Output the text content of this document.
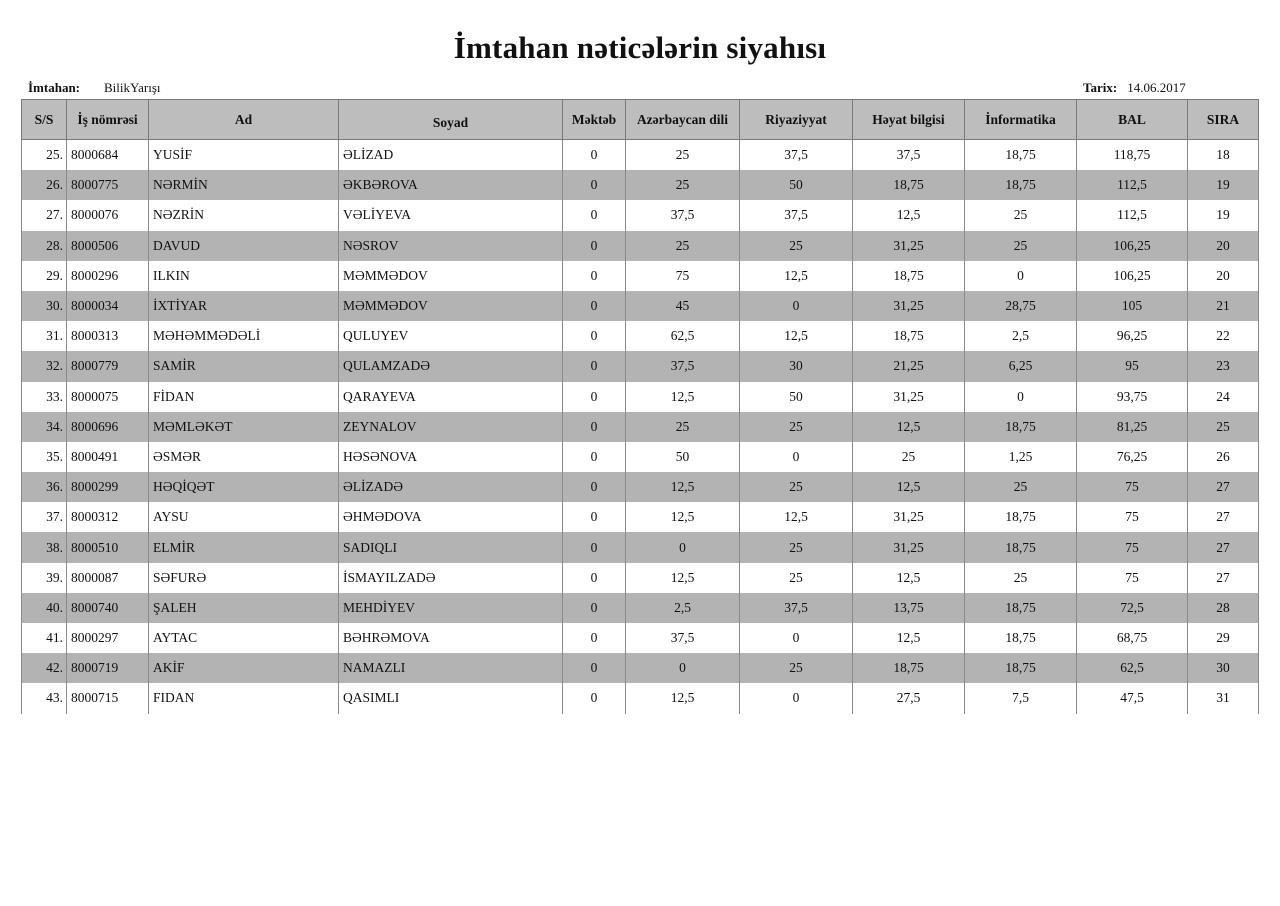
İmtahan nəticələrin siyahısı
İmtahan: BilikYarışı	Tarix: 14.06.2017
S/S	İş nömrəsi	Ad	Soyad	Məktəb	Azərbaycan dili	Riyaziyyat	Həyat bilgisi	İnformatika	BAL	SIRA
25.	8000684	YUSİF	ƏLİZAD	0	25	37,5	37,5	18,75	118,75	18
26.	8000775	NƏRMİN	ƏKBƏROVA	0	25	50	18,75	18,75	112,5	19
27.	8000076	NƏZRİN	VƏLİYEVA	0	37,5	37,5	12,5	25	112,5	19
28.	8000506	DAVUD	NƏSROV	0	25	25	31,25	25	106,25	20
29.	8000296	ILKIN	MƏMMƏDOV	0	75	12,5	18,75	0	106,25	20
30.	8000034	İXTİYAR	MƏMMƏDOV	0	45	0	31,25	28,75	105	21
31.	8000313	MƏHƏMMƏDƏLİ	QULUYEV	0	62,5	12,5	18,75	2,5	96,25	22
32.	8000779	SAMİR	QULAMZADƏ	0	37,5	30	21,25	6,25	95	23
33.	8000075	FİDAN	QARAYEVA	0	12,5	50	31,25	0	93,75	24
34.	8000696	MƏMLƏKƏT	ZEYNALOV	0	25	25	12,5	18,75	81,25	25
35.	8000491	ƏSMƏR	HƏSƏNOVA	0	50	0	25	1,25	76,25	26
36.	8000299	HƏQİQƏT	ƏLİZADƏ	0	12,5	25	12,5	25	75	27
37.	8000312	AYSU	ƏHMƏDOVA	0	12,5	12,5	31,25	18,75	75	27
38.	8000510	ELMİR	SADIQLI	0	0	25	31,25	18,75	75	27
39.	8000087	SƏFURƏ	İSMAYILZADƏ	0	12,5	25	12,5	25	75	27
40.	8000740	ŞALEH	MEHDİYEV	0	2,5	37,5	13,75	18,75	72,5	28
41.	8000297	AYTAC	BƏHRƏMOVA	0	37,5	0	12,5	18,75	68,75	29
42.	8000719	AKİF	NAMAZLI	0	0	25	18,75	18,75	62,5	30
43.	8000715	FIDAN	QASIMLI	0	12,5	0	27,5	7,5	47,5	31
